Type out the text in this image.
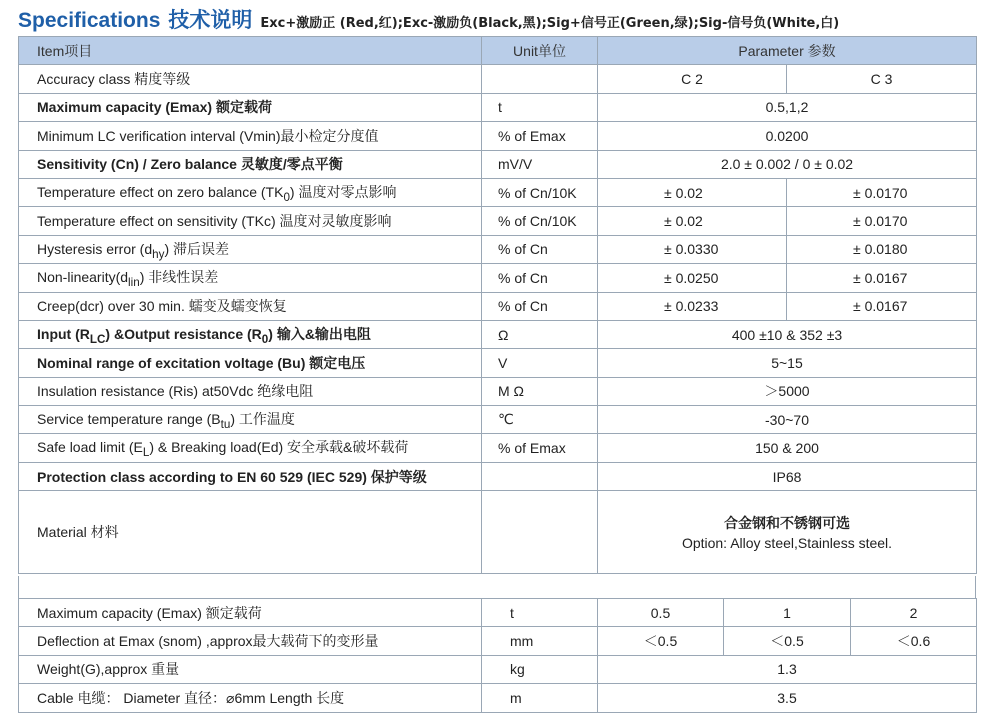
Specifications 技术说明 Exc+激励正 (Red,红);Exc-激励负(Black,黑);Sig+信号正(Green,绿);Sig-信号负(White,白)
Item项目	Unit单位	Parameter 参数	
Accuracy class 精度等级		C 2	C 3
Maximum capacity (Emax) 额定载荷	t	0.5,1,2	
Minimum LC verification interval (Vmin)最小检定分度值	% of Emax	0.0200	
Sensitivity (Cn) / Zero balance 灵敏度/零点平衡	mV/V	2.0 ± 0.002 / 0 ± 0.02	
Temperature effect on zero balance $(TK_0)$ 温度对零点影响	% of Cn/10K	± 0.02	± 0.0170
Temperature effect on sensitivity (TKc) 温度对灵敏度影响	% of Cn/10K	± 0.02	± 0.0170
Hysteresis error $(d_{hy})$ 滞后误差	% of Cn	± 0.0330	± 0.0180
Non-$linearity(d_{lin})$ 非线性误差	% of Cn	± 0.0250	± 0.0167
Creep(dcr) over 30 min. 蠕变及蠕变恢复	% of Cn	± 0.0233	± 0.0167
Input $(R_{LC})$ &Output resistance $(R_0)$ 输入&输出电阻	Ω	400 ±10 & 352 ±3	
Nominal range of excitation voltage (Bu) 额定电压	V	5~15	
Insulation resistance (Ris) at50Vdc 绝缘电阻	M Ω	＞5000	
Service temperature range $(B_{tu})$ 工作温度	℃	-30~70	
Safe load limit $(E_L)$ & Breaking load(Ed) 安全承载&破坏载荷	% of Emax	150 & 200	
Protection class according to EN 60 529 (IEC 529) 保护等级		IP68	
Material 材料		合金钢和不锈钢可选
Option: Alloy steel,Stainless steel.	
Maximum capacity (Emax) 额定载荷	t	0.5	1	2
Deflection at Emax (snom) ,approx最大载荷下的变形量	mm	＜0.5	＜0.5	＜0.6
Weight(G),approx 重量	kg	1.3		
Cable 电缆： Diameter 直径：⌀6mm Length 长度	m	3.5		
